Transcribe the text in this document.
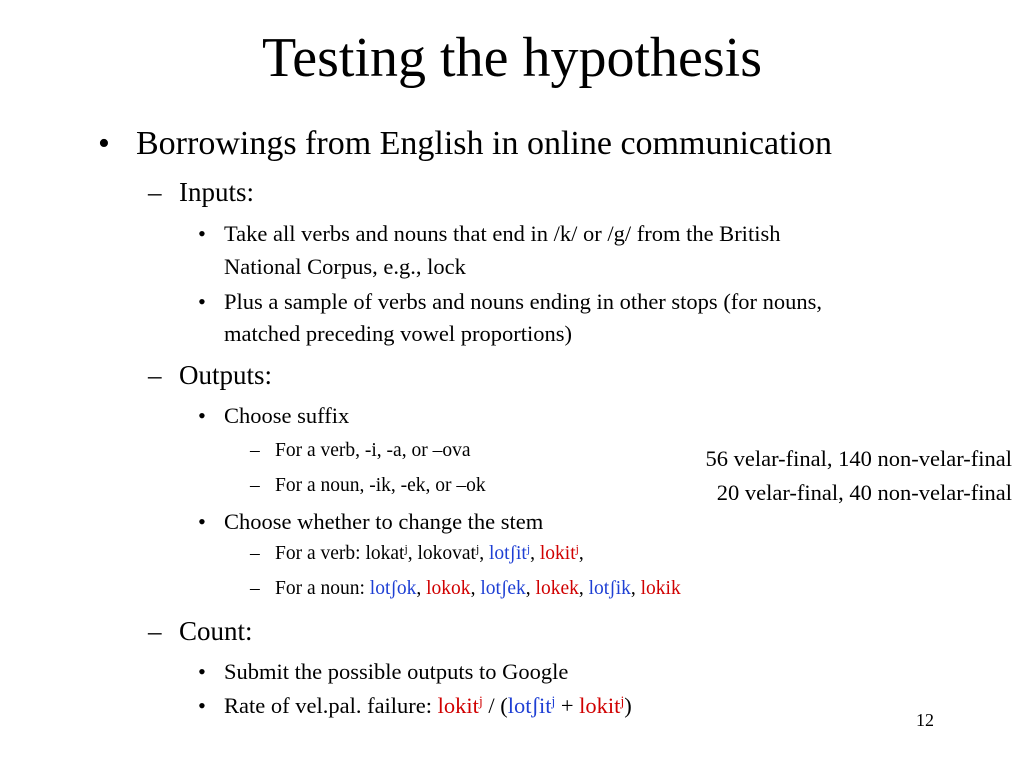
Testing the hypothesis
• Borrowings from English in online communication
– Inputs:
• Take all verbs and nouns that end in /k/ or /g/ from the British
National Corpus, e.g., lock
• Plus a sample of verbs and nouns ending in other stops (for nouns,
matched preceding vowel proportions)
– Outputs:
• Choose suffix
– For a verb, -i, -a, or –ova
– For a noun, -ik, -ek, or –ok
• Choose whether to change the stem
– For a verb: lokat$^j$, lokovat$^j$, lotʃit$^j$, lokit$^j$,
– For a noun: lotʃok, lokok, lotʃek, lokek, lotʃik, lokik
– Count:
• Submit the possible outputs to Google
• Rate of vel.pal. failure: lokit$^j$ / (lotʃit$^j$ + lokit$^j$)
56 velar-final, 140 non-velar-final
20 velar-final, 40 non-velar-final
12
